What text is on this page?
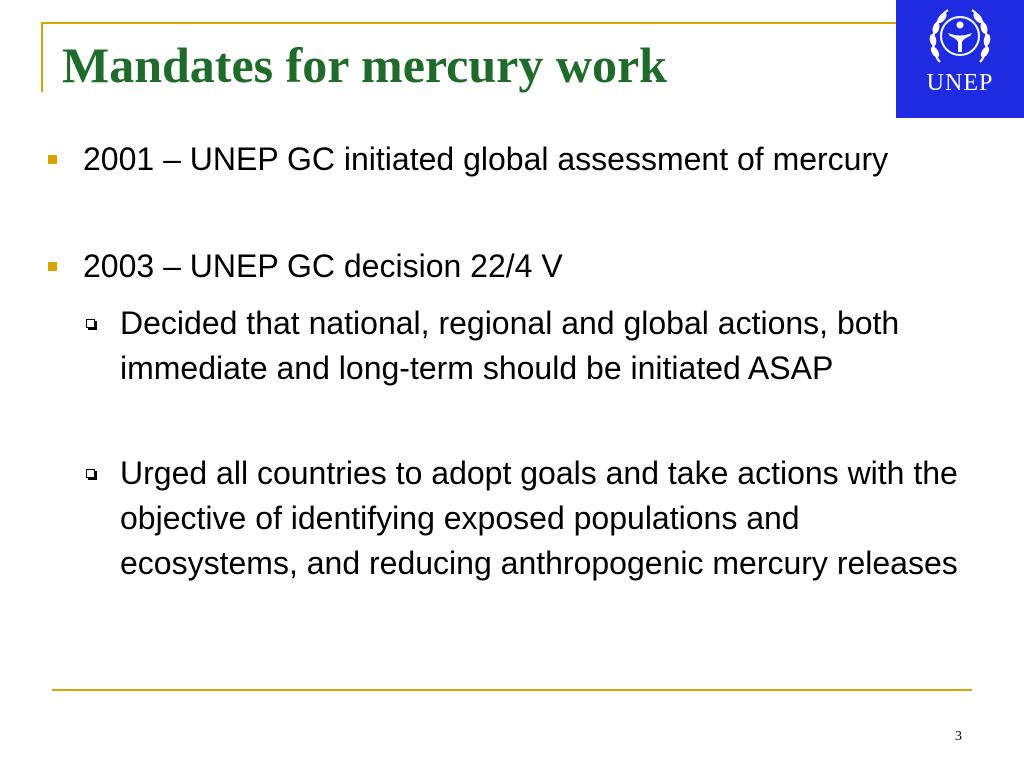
Mandates for mercury work	UNEP
2001 – UNEP GC initiated global assessment of mercury
2003 – UNEP GC decision 22/4 V
Decided that national, regional and global actions, both immediate and long-term should be initiated ASAP
Urged all countries to adopt goals and take actions with the objective of identifying exposed populations and ecosystems, and reducing anthropogenic mercury releases
3
